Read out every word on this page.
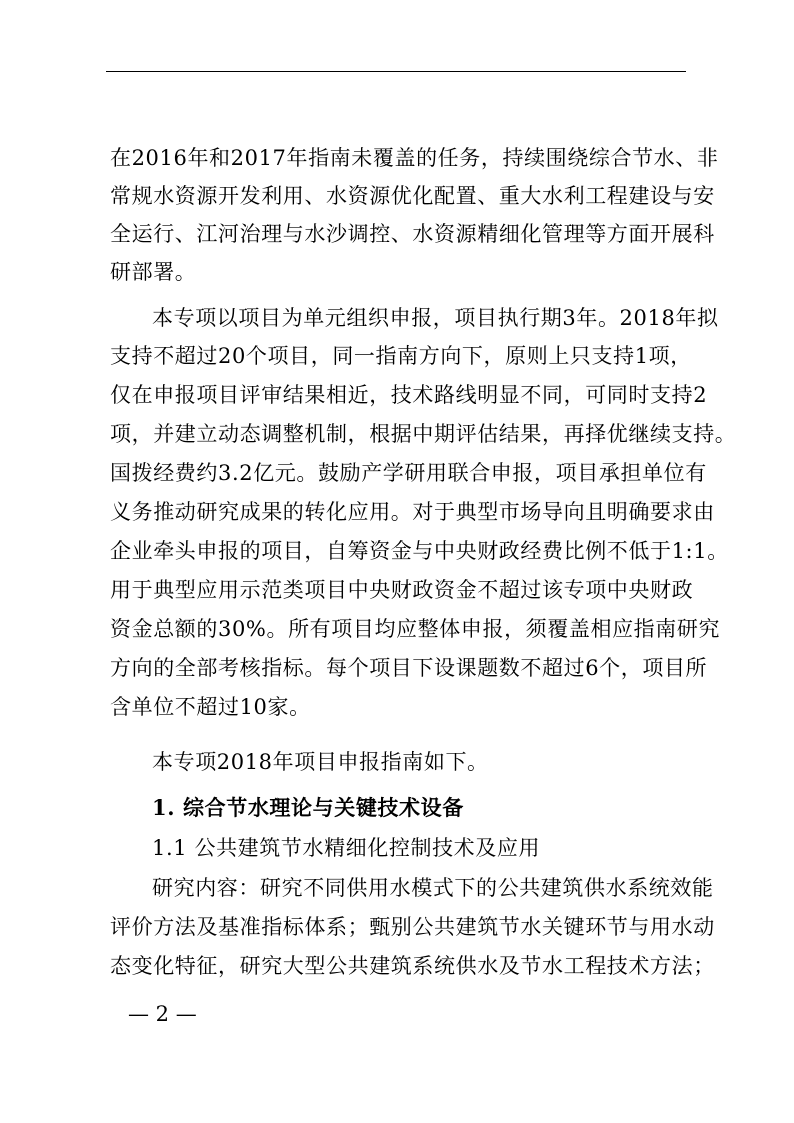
在2016年和2017年指南未覆盖的任务，持续围绕综合节水、非
常规水资源开发利用、水资源优化配置、重大水利工程建设与安
全运行、江河治理与水沙调控、水资源精细化管理等方面开展科
研部署。
本专项以项目为单元组织申报，项目执行期3年。2018年拟
支持不超过20个项目，同一指南方向下，原则上只支持1项，
仅在申报项目评审结果相近，技术路线明显不同，可同时支持2
项，并建立动态调整机制，根据中期评估结果，再择优继续支持。
国拨经费约3.2亿元。鼓励产学研用联合申报，项目承担单位有
义务推动研究成果的转化应用。对于典型市场导向且明确要求由
企业牵头申报的项目，自筹资金与中央财政经费比例不低于1:1。
用于典型应用示范类项目中央财政资金不超过该专项中央财政
资金总额的30%。所有项目均应整体申报，须覆盖相应指南研究
方向的全部考核指标。每个项目下设课题数不超过6个，项目所
含单位不超过10家。
本专项2018年项目申报指南如下。
1. 综合节水理论与关键技术设备
1.1 公共建筑节水精细化控制技术及应用
研究内容：研究不同供用水模式下的公共建筑供水系统效能
评价方法及基准指标体系；甄别公共建筑节水关键环节与用水动
态变化特征，研究大型公共建筑系统供水及节水工程技术方法；
— 2 —
